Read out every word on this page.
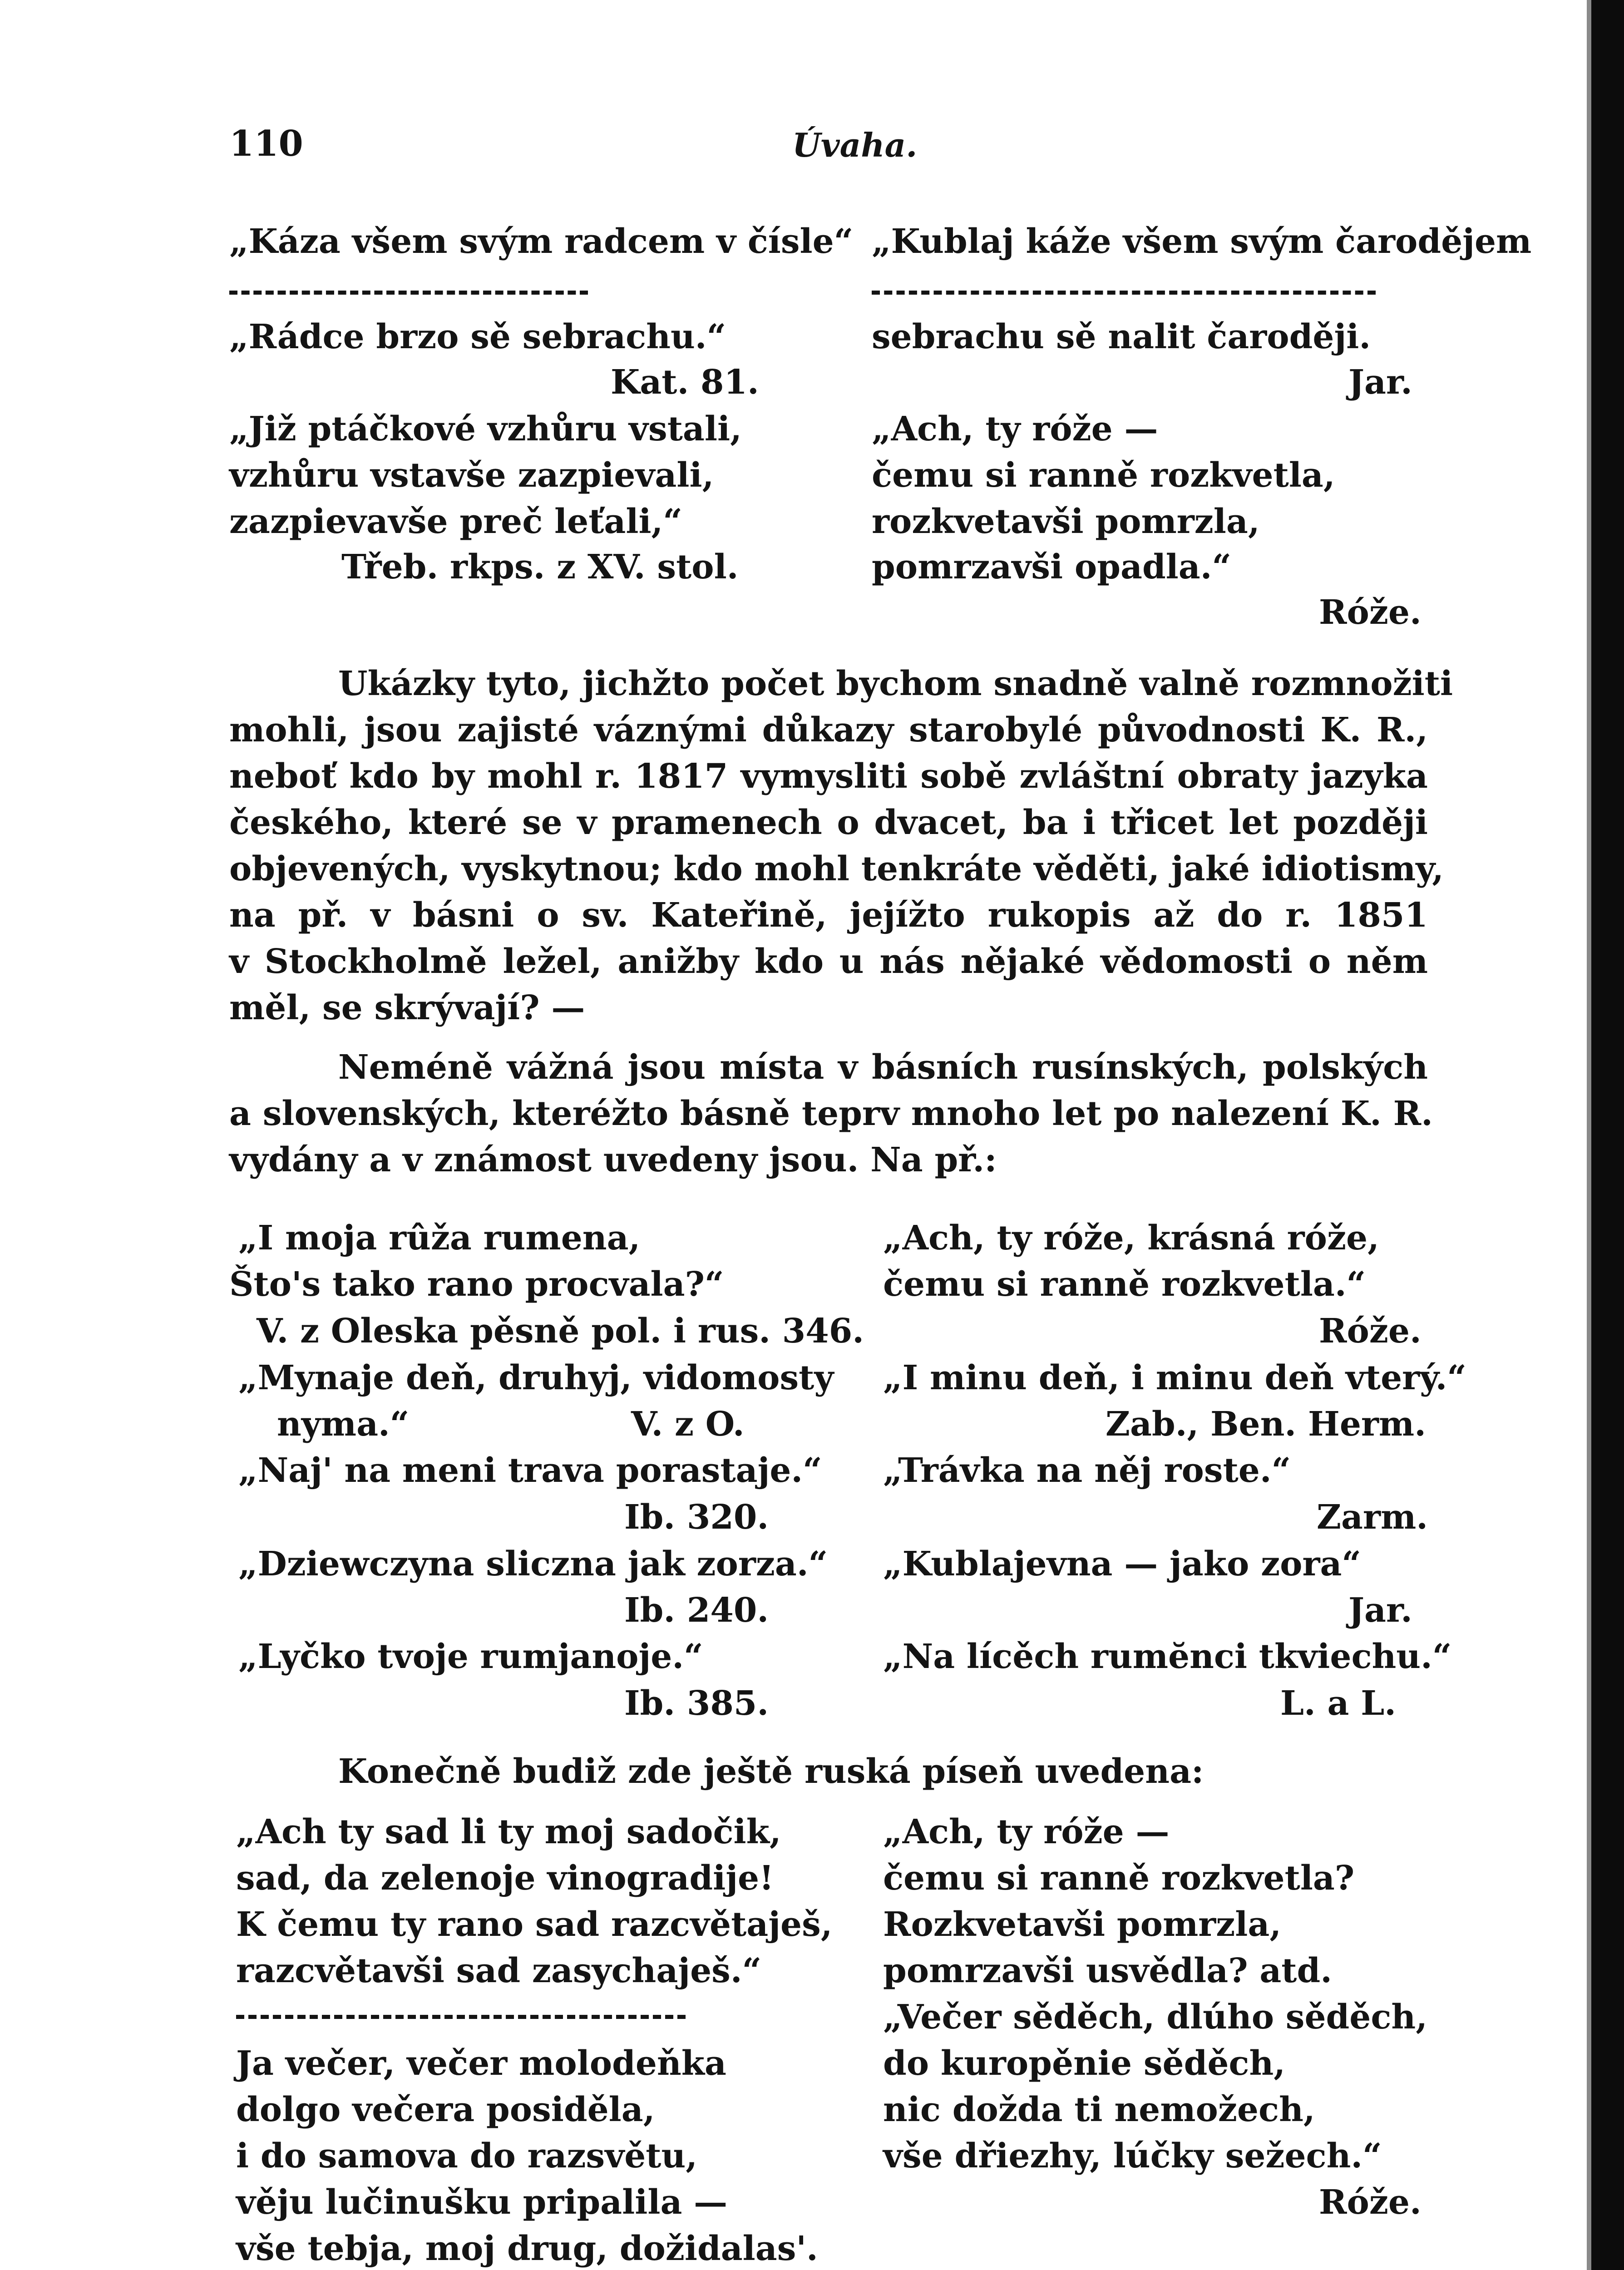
110	Úvaha.
„Káza všem svým radcem v čísle“
„Rádce brzo sě sebrachu.“
Kat. 81.
„Již ptáčkové vzhůru vstali,
vzhůru vstavše zazpievali,
zazpievavše preč leťali,“
Třeb. rkps. z XV. stol.
„Kublaj káže všem svým čarodějem
sebrachu sě nalit čaroději.
Jar.
„Ach, ty róže —
čemu si ranně rozkvetla,
rozkvetavši pomrzla,
pomrzavši opadla.“
Róže.
Ukázky tyto, jichžto počet bychom snadně valně rozmnožiti
mohli, jsou zajisté váznými důkazy starobylé původnosti K. R.,
neboť kdo by mohl r. 1817 vymysliti sobě zvláštní obraty jazyka
českého, které se v pramenech o dvacet, ba i třicet let později
objevených, vyskytnou; kdo mohl tenkráte věděti, jaké idiotismy,
na př. v básni o sv. Kateřině, jejížto rukopis až do r. 1851
v Stockholmě ležel, anižby kdo u nás nějaké vědomosti o něm
měl, se skrývají? —
Neméně vážná jsou místa v básních rusínských, polských
a slovenských, kteréžto básně teprv mnoho let po nalezení K. R.
vydány a v známost uvedeny jsou. Na př.:
„I moja rûža rumena,
Što's tako rano procvala?“
V. z Oleska pěsně pol. i rus. 346.
„Mynaje deň, druhyj, vidomosty
nyma.“	V. z O.
„Naj' na meni trava porastaje.“
Ib. 320.
„Dziewczyna sliczna jak zorza.“
Ib. 240.
„Lyčko tvoje rumjanoje.“
Ib. 385.
„Ach, ty róže, krásná róže,
čemu si ranně rozkvetla.“
Róže.
„I minu deň, i minu deň vterý.“
Zab., Ben. Herm.
„Trávka na něj roste.“
Zarm.
„Kublajevna — jako zora“
Jar.
„Na lícěch rumĕnci tkviechu.“
L. a L.
Konečně budiž zde ještě ruská píseň uvedena:
„Ach ty sad li ty moj sadočik,
sad, da zelenoje vinogradije!
K čemu ty rano sad razcvětaješ,
razcvětavši sad zasychaješ.“
Ja večer, večer molodeňka
dolgo večera posiděla,
i do samova do razsvětu,
věju lučinušku pripalila —
vše tebja, moj drug, dožidalas'.
„Ach, ty róže —
čemu si ranně rozkvetla?
Rozkvetavši pomrzla,
pomrzavši usvědla? atd.
„Večer sěděch, dlúho sěděch,
do kuropěnie sěděch,
nic dožda ti nemožech,
vše dřiezhy, lúčky sežech.“
Róže.
